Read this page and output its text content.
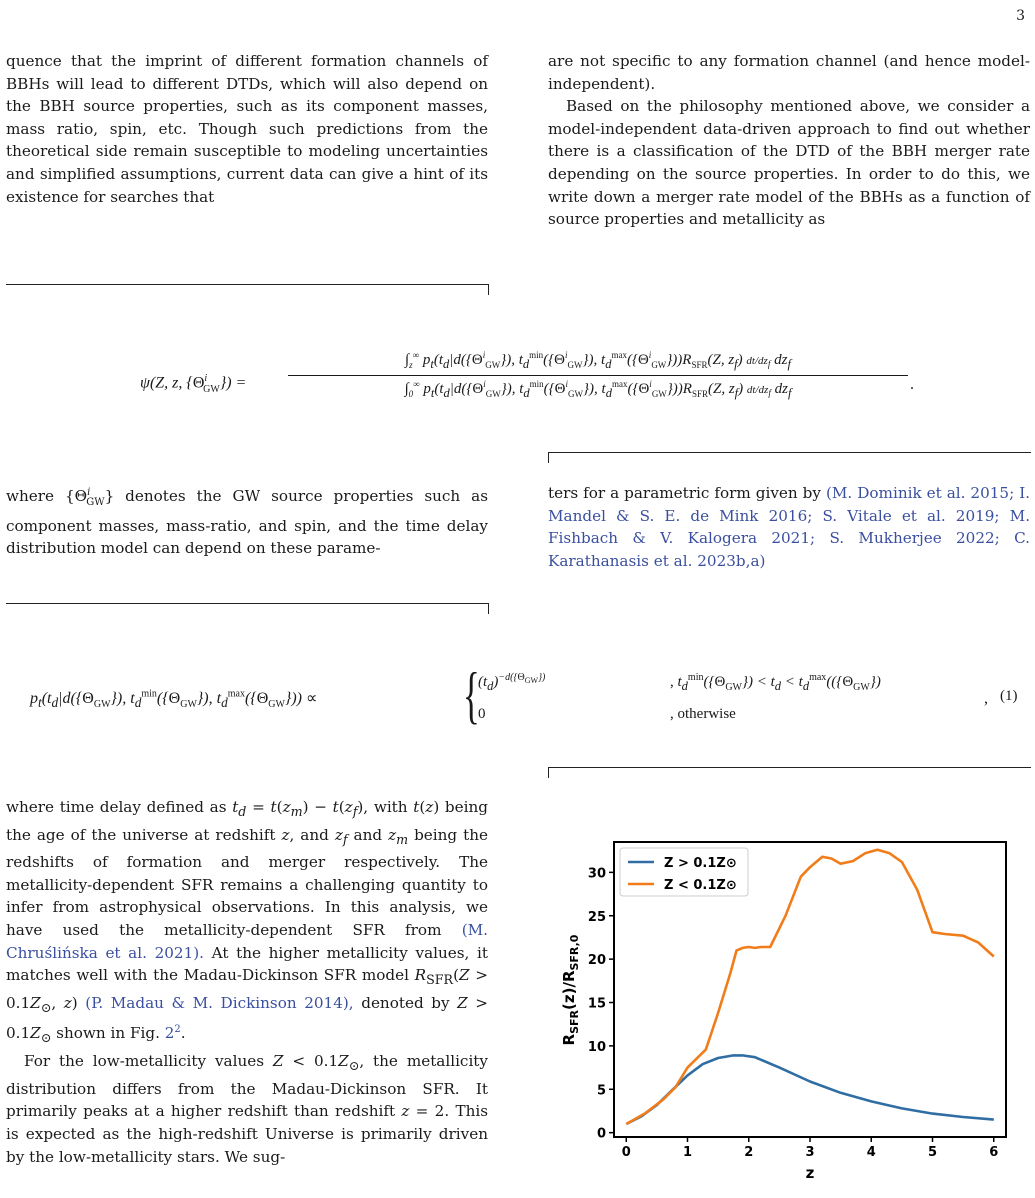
3

quence that the imprint of different formation channels of BBHs will lead to different DTDs, which will also depend on the BBH source properties, such as its component masses, mass ratio, spin, etc. Though such predictions from the theoretical side remain susceptible to modeling uncertainties and simplified assumptions, current data can give a hint of its existence for searches that

are not specific to any formation channel (and hence model-independent).

Based on the philosophy mentioned above, we consider a model-independent data-driven approach to find out whether there is a classification of the DTD of the BBH merger rate depending on the source properties. In order to do this, we write down a merger rate model of the BBHs as a function of source properties and metallicity as

ψ(Z, z, $\{\Theta^i_{GW}\}$) =
$\int_z^\infty$ $p_t(t_d|d(\{\Theta^i_{GW}\})$, $t_d^{min}(\{\Theta^i_{GW}\})$, $t_d^{max}(\{\Theta^i_{GW}\}))R_{SFR}(Z$, $z_f$) $dt/dz_f$ $dz_f$
$\int_0^\infty$ $p_t(t_d|d(\{\Theta^i_{GW}\})$, $t_d^{min}(\{\Theta^i_{GW}\})$, $t_d^{max}(\{\Theta^i_{GW}\}))R_{SFR}(Z$, $z_f$) $dt/dz_f$ $dz_f$	.

where $\{\Theta^i_{GW}\}$ denotes the GW source properties such as component masses, mass-ratio, and spin, and the time delay distribution model can depend on these parame-

ters for a parametric form given by (M. Dominik et al. 2015; I. Mandel & S. E. de Mink 2016; S. Vitale et al. 2019; M. Fishbach & V. Kalogera 2021; S. Mukherjee 2022; C. Karathanasis et al. 2023b,a)

$p_t(t_d|d(\{\Theta_{GW}\})$, $t_d^{min}(\{\Theta_{GW}\})$, $t_d^{max}(\{\Theta_{GW}\})$) ∝ {
$(t_d)^{-d(\{\Theta_{GW}\})}$
0
, $t_d^{min}(\{\Theta_{GW}\}) < t_d < t_d^{max}((\{\Theta_{GW}\})$
, otherwise
, (1)

where time delay defined as $t_d = t(z_m) - t(z_f)$, with t(z) being the age of the universe at redshift z, and $z_f$ and $z_m$ being the redshifts of formation and merger respectively. The metallicity-dependent SFR remains a challenging quantity to infer from astrophysical observations. In this analysis, we have used the metallicity-dependent SFR from (M. Chruślińska et al. 2021). At the higher metallicity values, it matches well with the Madau-Dickinson SFR model $R_{SFR}(Z > 0.1Z_⊙$, z) (P. Madau & M. Dickinson 2014), denoted by $Z > 0.1Z_⊙$ shown in Fig. 2$^2$.

For the low-metallicity values $Z < 0.1Z_⊙$, the metallicity distribution differs from the Madau-Dickinson SFR. It primarily peaks at a higher redshift than redshift z = 2. This is expected as the high-redshift Universe is primarily driven by the low-metallicity stars. We sug-	0	1	2	3	4	5	6
0
5
10
15
20
25
30
Z > 0.1Z⊙
Z < 0.1Z⊙
z
$R_{SFR}(z)/R_{SFR,0}$
